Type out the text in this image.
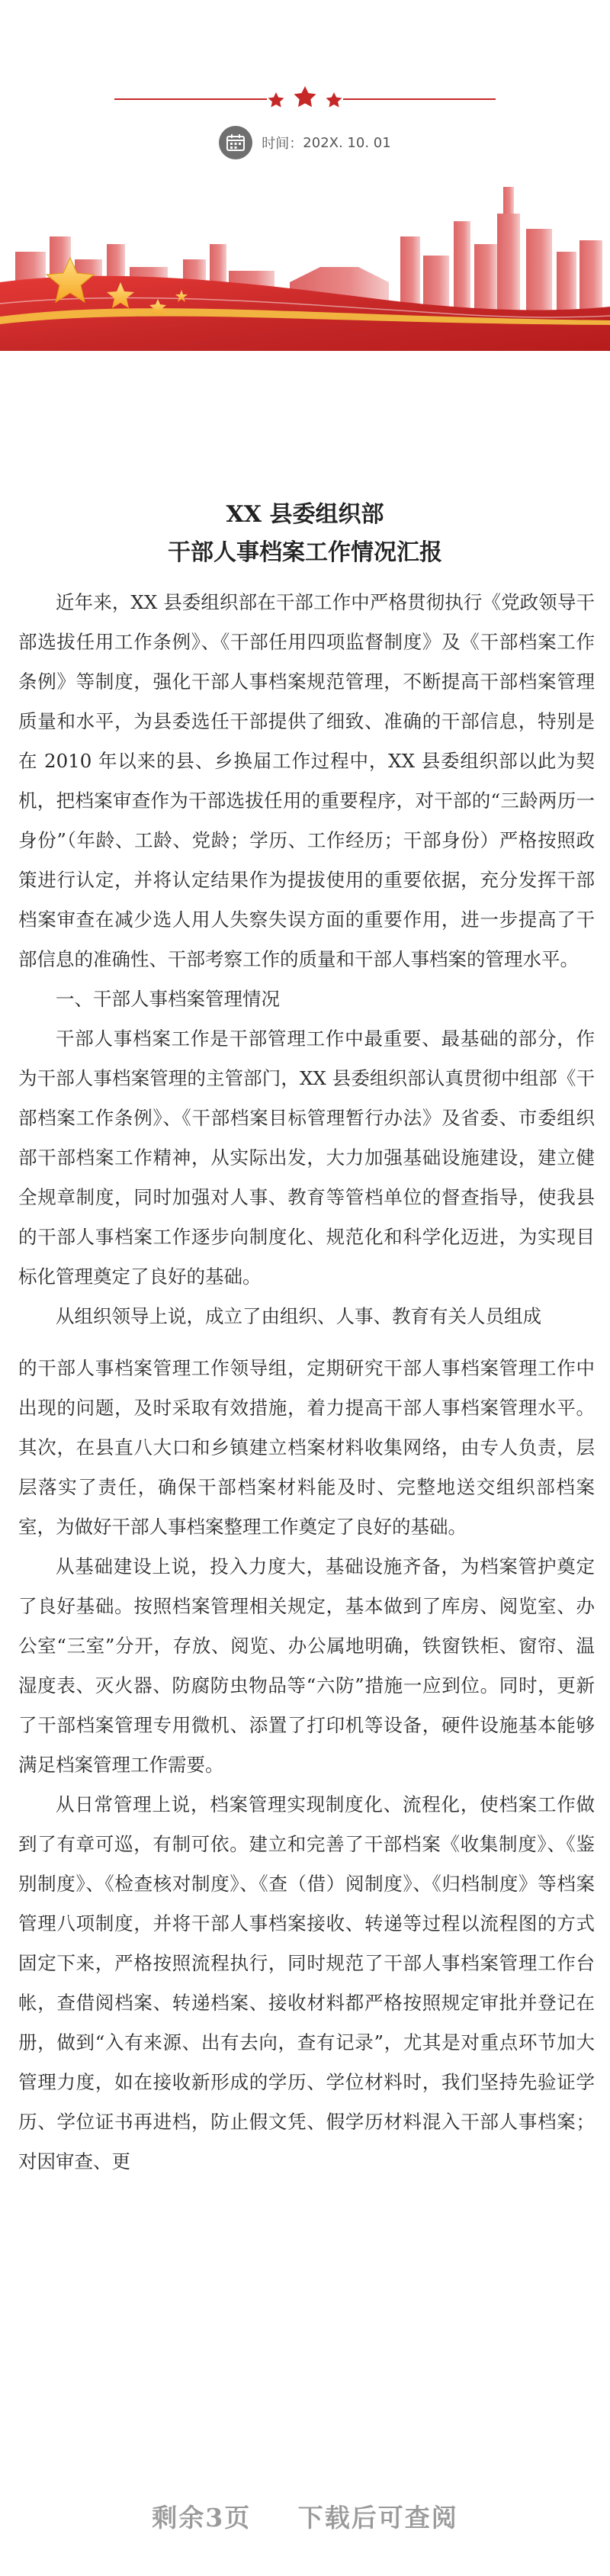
时间： 202X. 10. 01
XX 县委组织部
干部人事档案工作情况汇报

近年来，XX 县委组织部在干部工作中严格贯彻执行《党政领导干部选拔任用工作条例》、《干部任用四项监督制度》及《干部档案工作条例》等制度，强化干部人事档案规范管理，不断提高干部档案管理质量和水平，为县委选任干部提供了细致、准确的干部信息，特别是在 2010 年以来的县、乡换届工作过程中，XX 县委组织部以此为契机，把档案审查作为干部选拔任用的重要程序，对干部的“三龄两历一身份”（年龄、工龄、党龄；学历、工作经历；干部身份）严格按照政策进行认定，并将认定结果作为提拔使用的重要依据，充分发挥干部档案审查在减少选人用人失察失误方面的重要作用，进一步提高了干部信息的准确性、干部考察工作的质量和干部人事档案的管理水平。

一、干部人事档案管理情况

干部人事档案工作是干部管理工作中最重要、最基础的部分，作为干部人事档案管理的主管部门，XX 县委组织部认真贯彻中组部《干部档案工作条例》、《干部档案目标管理暂行办法》及省委、市委组织部干部档案工作精神，从实际出发，大力加强基础设施建设，建立健全规章制度，同时加强对人事、教育等管档单位的督查指导，使我县的干部人事档案工作逐步向制度化、规范化和科学化迈进，为实现目标化管理奠定了良好的基础。

从组织领导上说，成立了由组织、人事、教育有关人员组成

的干部人事档案管理工作领导组，定期研究干部人事档案管理工作中出现的问题，及时采取有效措施，着力提高干部人事档案管理水平。其次，在县直八大口和乡镇建立档案材料收集网络，由专人负责，层层落实了责任，确保干部档案材料能及时、完整地送交组织部档案室，为做好干部人事档案整理工作奠定了良好的基础。

从基础建设上说，投入力度大，基础设施齐备，为档案管护奠定了良好基础。按照档案管理相关规定，基本做到了库房、阅览室、办公室“三室”分开，存放、阅览、办公属地明确，铁窗铁柜、窗帘、温湿度表、灭火器、防腐防虫物品等“六防”措施一应到位。同时，更新了干部档案管理专用微机、添置了打印机等设备，硬件设施基本能够满足档案管理工作需要。

从日常管理上说，档案管理实现制度化、流程化，使档案工作做到了有章可巡，有制可依。建立和完善了干部档案《收集制度》、《鉴别制度》、《检查核对制度》、《查（借）阅制度》、《归档制度》等档案管理八项制度，并将干部人事档案接收、转递等过程以流程图的方式固定下来，严格按照流程执行，同时规范了干部人事档案管理工作台帐，查借阅档案、转递档案、接收材料都严格按照规定审批并登记在册，做到“入有来源、出有去向，查有记录”，尤其是对重点环节加大管理力度，如在接收新形成的学历、学位材料时，我们坚持先验证学历、学位证书再进档，防止假文凭、假学历材料混入干部人事档案；对因审查、更

剩余3页 下载后可查阅
